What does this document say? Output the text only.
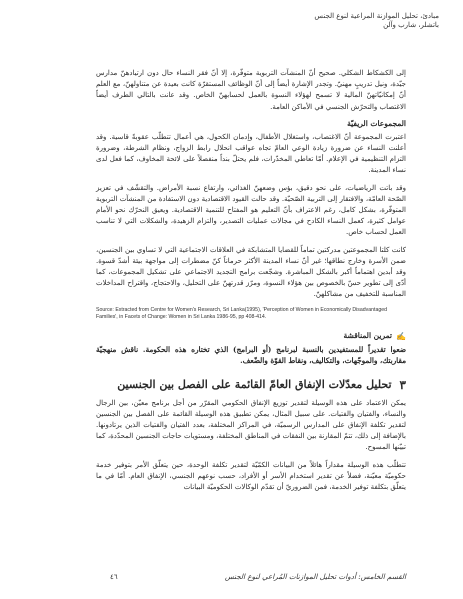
مبادئ، تحليل الموازنة المراعية لنوع الجنس
باتشلر، شارب وآلن

إلى الكشكاط الشكلي. صحيح أنّ المنشآت التربوية متوفّرة، إلا أنّ فقر النساء حال دون ارتيادهنّ مدارس جيّدة، ونيل تدريبٍ مهنيّ. وتجدر الإشارة أيضاً إلى أنّ الوظائف المستقرّة كانت بعيدة عن متناولهنّ، مع العلم أنّ إمكانيّاتهنّ المالية لا تسمح لهؤلاء النسوة بالعمل لحسابهنّ الخاص. وقد عانت بالتالي الطرف أيضاً الاغتصاب والتحرّش الجنسي في الأماكن العامة.

المجموعات الريفيّة

اعتبرت المجموعة أنّ الاغتصاب، واستغلال الأطفال، وإدمان الكحول، هي أعمال تتطلّب عقوبةً قاسية. وقد أعلنت النساء عن ضرورة زيادة الوعي العامّ تجاه عواقب انحلال رابط الزواج، ونظام الشرطة، وضرورة التزام التنظيمية في الإعلام. أمّا تعاطي المخدّرات، فلم يحتلّ بنداً منفصلاً على لائحة المخاوف، كما فعل لدى نساء المدينة.

وقد باتت الرياضيات، على نحو دقيق، بؤس وضعهنّ الغذائي، وارتفاع نسبة الأمراض. والتقشّف في تعزيز الصّحة العامّة، والافتقار إلى التربية الصّحيّة. وقد حالت القيود الاقتصادية دون الاستفادة من المنشآت التربوية المتوفّرة، بشكل كامل، رغم الاعتراف بأنّ التعليم هو المفتاح للتنمية الاقتصادية. ويعيق النحرّك نحو الأمام عوامل كثيرة، كعمل النساء الكادح في مجالات عمليات التصدير، والتزام الزهيدة، والشكلات التي لا تناسب العمل لحساب خاص.

كانت كلتا المجموعتين مدركتين تماماً للقضايا المتشابكة في العلاقات الاجتماعية التي لا تساوي بين الجنسين، ضمن الأسرة وخارج نطاقها؛ غير أنّ نساء المدينة الأكثر حرماناً كنّ مضطرات إلى مواجهة بيئة أشدّ قسوة. وقد أبدين اهتماماً أكبر بالشكل المباشرة. وشجّعت برامج التجديد الاجتماعي على تشكيل المجموعات، كما أدّى إلى تطوير حسّ بالخصوص بين هؤلاء النسوة، ومرّز قدرتهنّ على التحليل، والاحتجاج، واقتراح المداخلات المناسبة للتخفيف من مشاكلهنّ.

Source: Extracted from Centre for Women's Research, Sri Lanka(1995), 'Perception of Women in Economically Disadvantaged Families', in Facets of Change: Women in Sri Lanka 1986-95, pp 408-414.
✍
تمرين المناقشة
ضعوا تقديراً للمستفيدين بالنسبة لبرنامج (أو البرامج) الذي تختاره هذه الحكومة. ناقش منهجيّة مقاربتك، والموجّهات، والتكاليف، ونقاط القوّة والضّعف.
٣
تحليل معدّلات الإنفاق العامّ القائمة على الفصل بين الجنسين

يمكن الاعتماد على هذه الوسيلة لتقدير توزيع الإنفاق الحكومي المقرّر من أجل برنامج معيّن، بين الرجال والنساء، والفتيان والفتيات. على سبيل المثال، يمكن تطبيق هذه الوسيلة القائمة على الفصل بين الجنسين لتقدير تكلفة الإنفاق على المدارس الرسميّة، في المراكز المختلفة، بعدد الفتيان والفتيات الذين يرتادونها. بالإضافة إلى ذلك، تتمّ المقارنة بين النفقات في المناطق المختلفة، ومستويات حاجات الجنسين المحدّدة، كما تبيّنها المسوح.

تتطلّب هذه الوسيلة مقداراً هائلاً من البيانات الكمّيّة لتقدير تكلفة الوحدة، حين يتعلّق الأمر بتوفير خدمة حكوميّة معيّنة، فضلاً عن تقدير استخدام الأسر أو الأفراد، حسب نوعهم الجنسي، الإنفاق العام. أمّا في ما يتعلّق بتكلفة توفير الخدمة، فمن الضروريّ أن تقدّم الوكالات الحكوميّة البيانات

القسم الخامس: أدوات تحليل الموازنات المُراعي لنوع الجنس
٤٦
